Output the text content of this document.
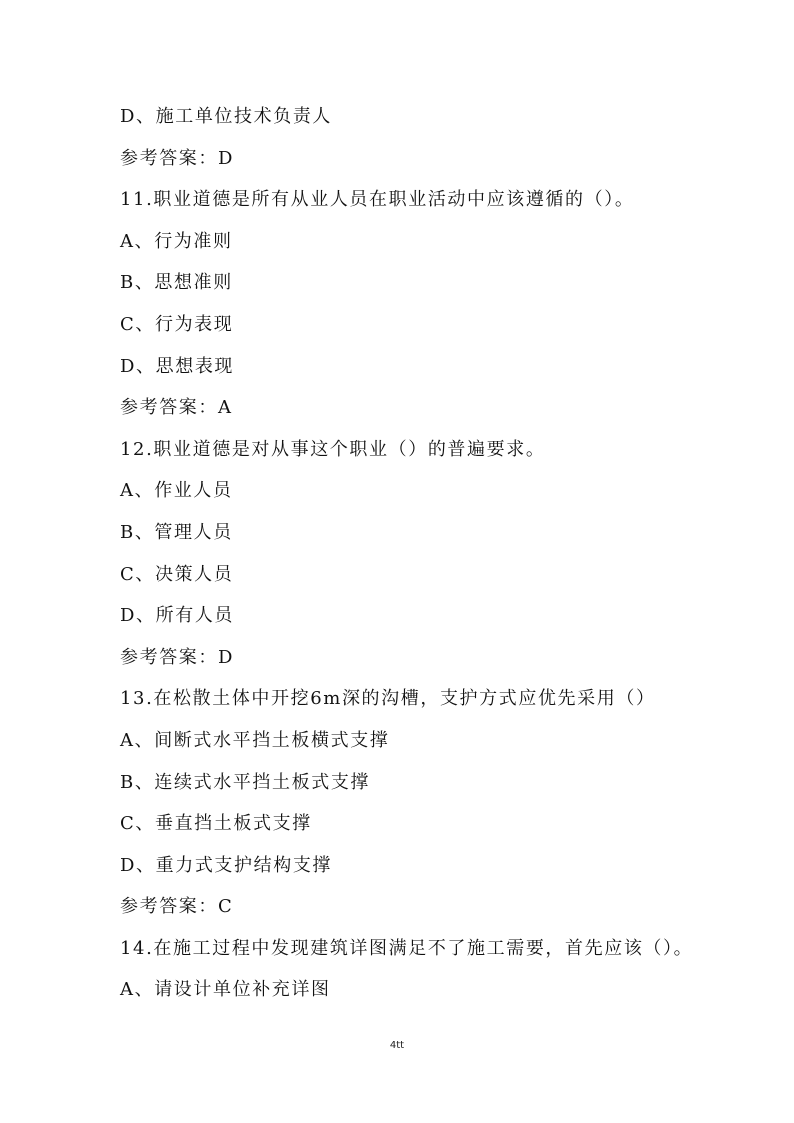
D、施工单位技术负责人
参考答案：D
11.职业道德是所有从业人员在职业活动中应该遵循的（）。
A、行为准则
B、思想准则
C、行为表现
D、思想表现
参考答案：A
12.职业道德是对从事这个职业（）的普遍要求。
A、作业人员
B、管理人员
C、决策人员
D、所有人员
参考答案：D
13.在松散土体中开挖6m深的沟槽，支护方式应优先采用（）
A、间断式水平挡土板横式支撑
B、连续式水平挡土板式支撑
C、垂直挡土板式支撑
D、重力式支护结构支撑
参考答案：C
14.在施工过程中发现建筑详图满足不了施工需要，首先应该（）。
A、请设计单位补充详图
4tt
